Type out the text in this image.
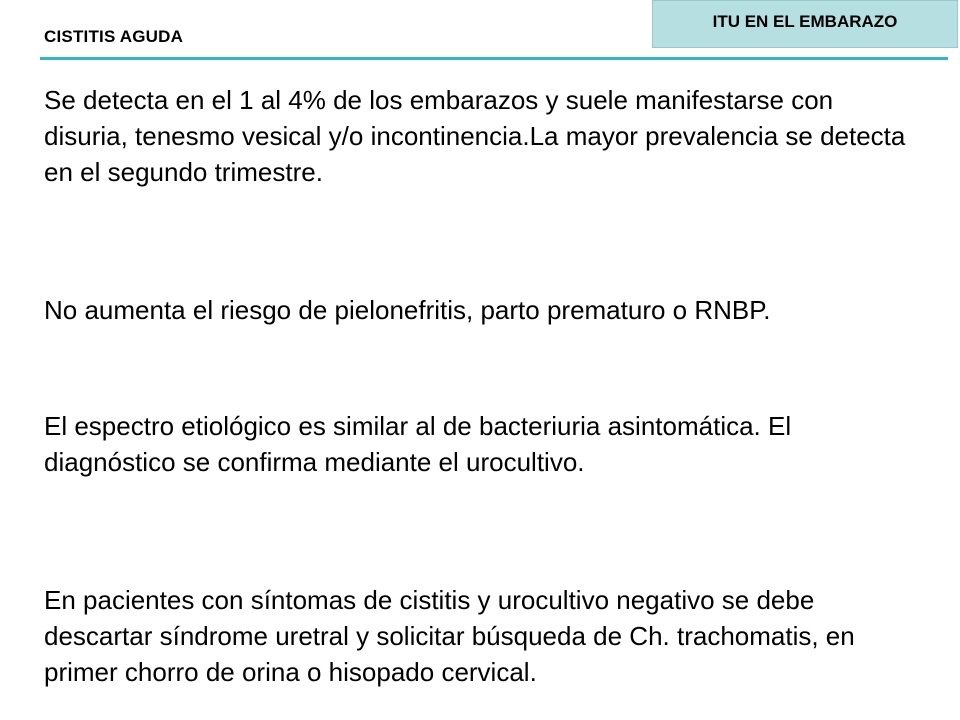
CISTITIS AGUDA
ITU EN EL EMBARAZO

Se detecta en el 1 al 4% de los embarazos y suele manifestarse con disuria, tenesmo vesical y/o incontinencia.La mayor prevalencia se detecta en el segundo trimestre.

No aumenta el riesgo de pielonefritis, parto prematuro o RNBP.

El espectro etiológico es similar al de bacteriuria asintomática. El diagnóstico se confirma mediante el urocultivo.

En pacientes con síntomas de cistitis y urocultivo negativo se debe descartar síndrome uretral y solicitar búsqueda de Ch. trachomatis, en primer chorro de orina o hisopado cervical.
